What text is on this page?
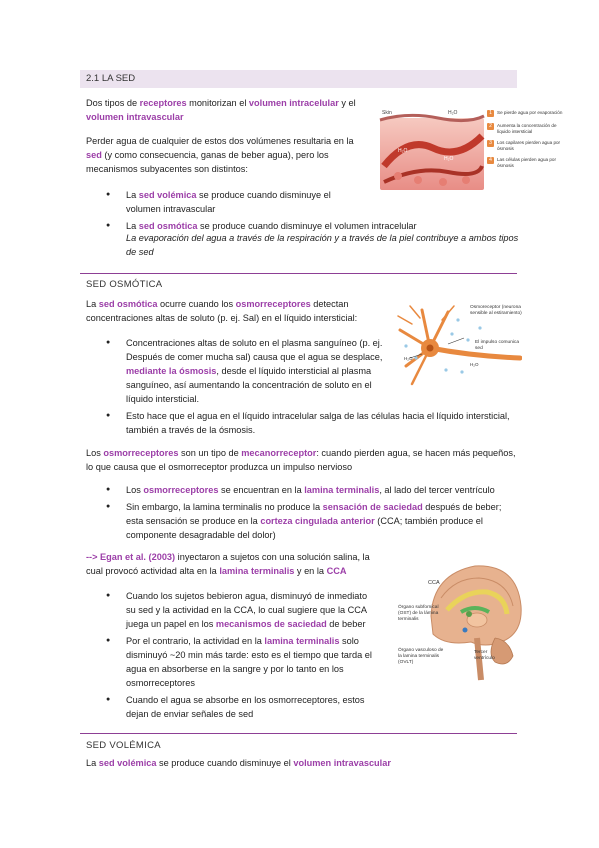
2.1 LA SED

Dos tipos de receptores monitorizan el volumen intracelular y el volumen intravascular

Perder agua de cualquier de estos dos volúmenes resultaria en la sed (y como consecuencia, ganas de beber agua), pero los mecanismos subyacentes son distintos:

● La sed volémica se produce cuando disminuye el volumen intravascular
● La sed osmótica se produce cuando disminuye el volumen intracelular

La evaporación del agua a través de la respiración y a través de la piel contribuye a ambos tipos de sed

Skin	H₂O
H₂O
H₂O
1	Se pierde agua por evaporación
2	Aumenta la concentración de líquido intersticial
3	Los capilares pierden agua por ósmosis
4	Las células pierden agua por ósmosis
SED OSMÓTICA

La sed osmótica ocurre cuando los osmorreceptores detectan concentraciones altas de soluto (p. ej. Sal) en el líquido intersticial:

● Concentraciones altas de soluto en el plasma sanguíneo (p. ej. Después de comer mucha sal) causa que el agua se desplace, mediante la ósmosis, desde el líquido intersticial al plasma sanguíneo, así aumentando la concentración de soluto en el líquido intersticial.
● Esto hace que el agua en el líquido intracelular salga de las células hacia el líquido intersticial, también a través de la ósmosis.

Los osmorreceptores son un tipo de mecanorreceptor: cuando pierden agua, se hacen más pequeños, lo que causa que el osmorreceptor produzca un impulso nervioso

● Los osmorreceptores se encuentran en la lamina terminalis, al lado del tercer ventrículo
● Sin embargo, la lamina terminalis no produce la sensación de saciedad después de beber; esta sensación se produce en la corteza cingulada anterior (CCA; también produce el componente desagradable del dolor)

--> Egan et al. (2003) inyectaron a sujetos con una solución salina, la cual provocó actividad alta en la lamina terminalis y en la CCA

● Cuando los sujetos bebieron agua, disminuyó de inmediato su sed y la actividad en la CCA, lo cual sugiere que la CCA juega un papel en los mecanismos de saciedad de beber
● Por el contrario, la actividad en la lamina terminalis solo disminuyó ~20 min más tarde: esto es el tiempo que tarda el agua en absorberse en la sangre y por lo tanto en los osmorreceptores
● Cuando el agua se absorbe en los osmorreceptores, estos dejan de enviar señales de sed
H₂O
H₂O
Osmoreceptor (neurona sensible al estiramiento)
El impulso comunica sed
CCA
Órgano subfornical (OST) de la lámina terminalis
Órgano vasculoso de la lamina terminalis (OVLT)
Tercer ventrículo
SED VOLÉMICA

La sed volémica se produce cuando disminuye el volumen intravascular
